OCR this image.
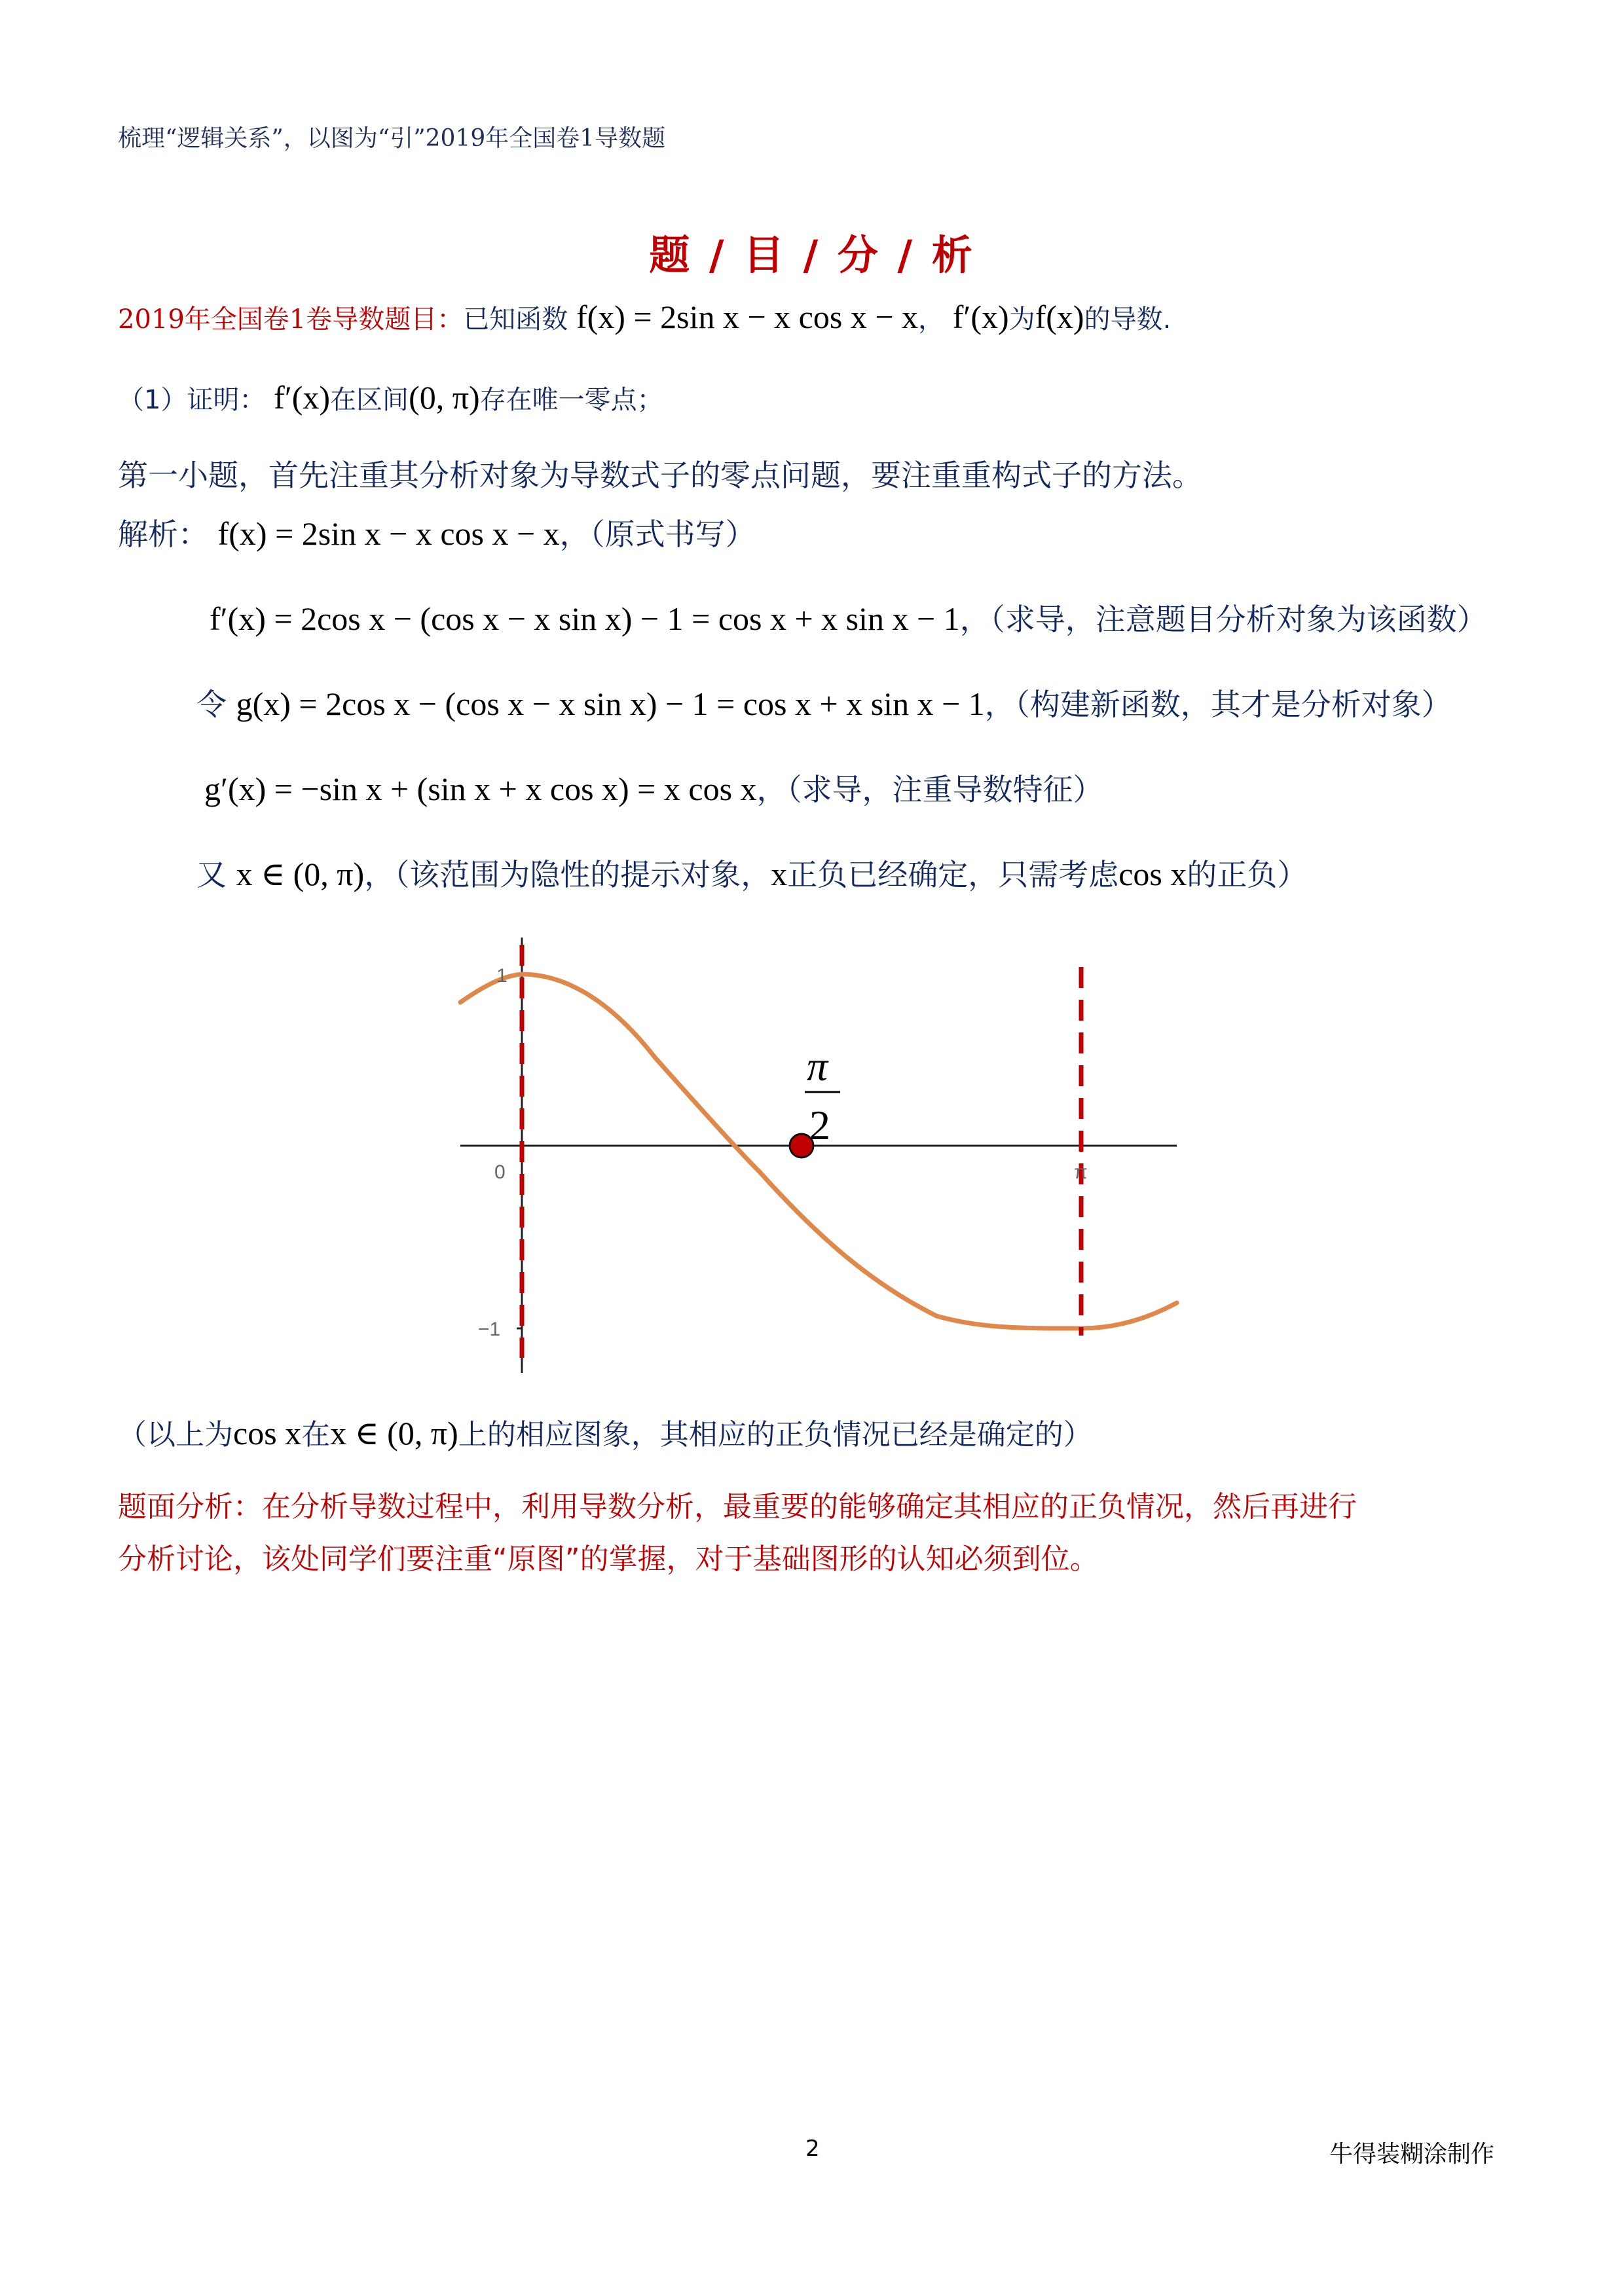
梳理“逻辑关系”，以图为“引”2019年全国卷1导数题
题 / 目 / 分 / 析
2019年全国卷1卷导数题目：已知函数 f(x) = 2sin x − x cos x − x， f′(x)为f(x)的导数.
（1）证明： f′(x)在区间(0, π)存在唯一零点；
第一小题，首先注重其分析对象为导数式子的零点问题，要注重重构式子的方法。
解析： f(x) = 2sin x − x cos x − x，（原式书写）
f′(x) = 2cos x − (cos x − x sin x) − 1 = cos x + x sin x − 1，（求导，注意题目分析对象为该函数）
令 g(x) = 2cos x − (cos x − x sin x) − 1 = cos x + x sin x − 1，（构建新函数，其才是分析对象）
g′(x) = −sin x + (sin x + x cos x) = x cos x，（求导，注重导数特征）
又 x ∈ (0, π)，（该范围为隐性的提示对象，x正负已经确定，只需考虑cos x的正负）
0	π
1
−1
π
2
（以上为cos x在x ∈ (0, π)上的相应图象，其相应的正负情况已经是确定的）
题面分析：在分析导数过程中，利用导数分析，最重要的能够确定其相应的正负情况，然后再进行
分析讨论，该处同学们要注重“原图”的掌握，对于基础图形的认知必须到位。
2	牛得装糊涂制作
